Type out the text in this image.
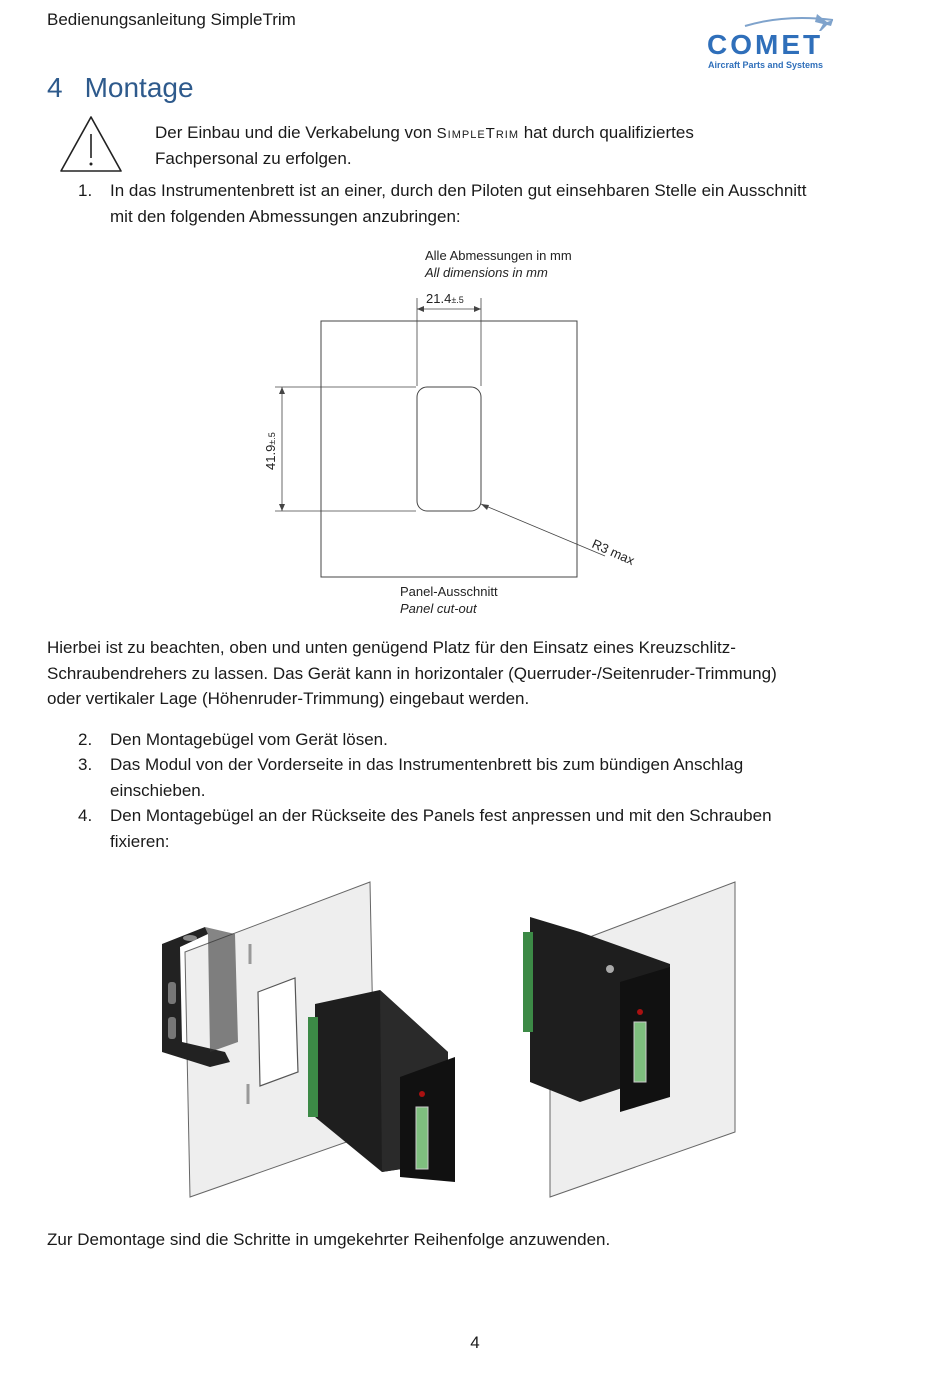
Bedienungsanleitung SimpleTrim
COMET
Aircraft Parts and Systems
4 Montage
Der Einbau und die Verkabelung von SimpleTrim hat durch qualifiziertes
Fachpersonal zu erfolgen.
1. In das Instrumentenbrett ist an einer, durch den Piloten gut einsehbaren Stelle ein Ausschnitt
mit den folgenden Abmessungen anzubringen:
Alle Abmessungen in mm
All dimensions in mm
21.4±.5
41.9±.5
R3 max
Panel-Ausschnitt
Panel cut-out
Hierbei ist zu beachten, oben und unten genügend Platz für den Einsatz eines Kreuzschlitz-
Schraubendrehers zu lassen. Das Gerät kann in horizontaler (Querruder-/Seitenruder-Trimmung)
oder vertikaler Lage (Höhenruder-Trimmung) eingebaut werden.
2. Den Montagebügel vom Gerät lösen.
3. Das Modul von der Vorderseite in das Instrumentenbrett bis zum bündigen Anschlag
einschieben.
4. Den Montagebügel an der Rückseite des Panels fest anpressen und mit den Schrauben
fixieren:
Zur Demontage sind die Schritte in umgekehrter Reihenfolge anzuwenden.
4
